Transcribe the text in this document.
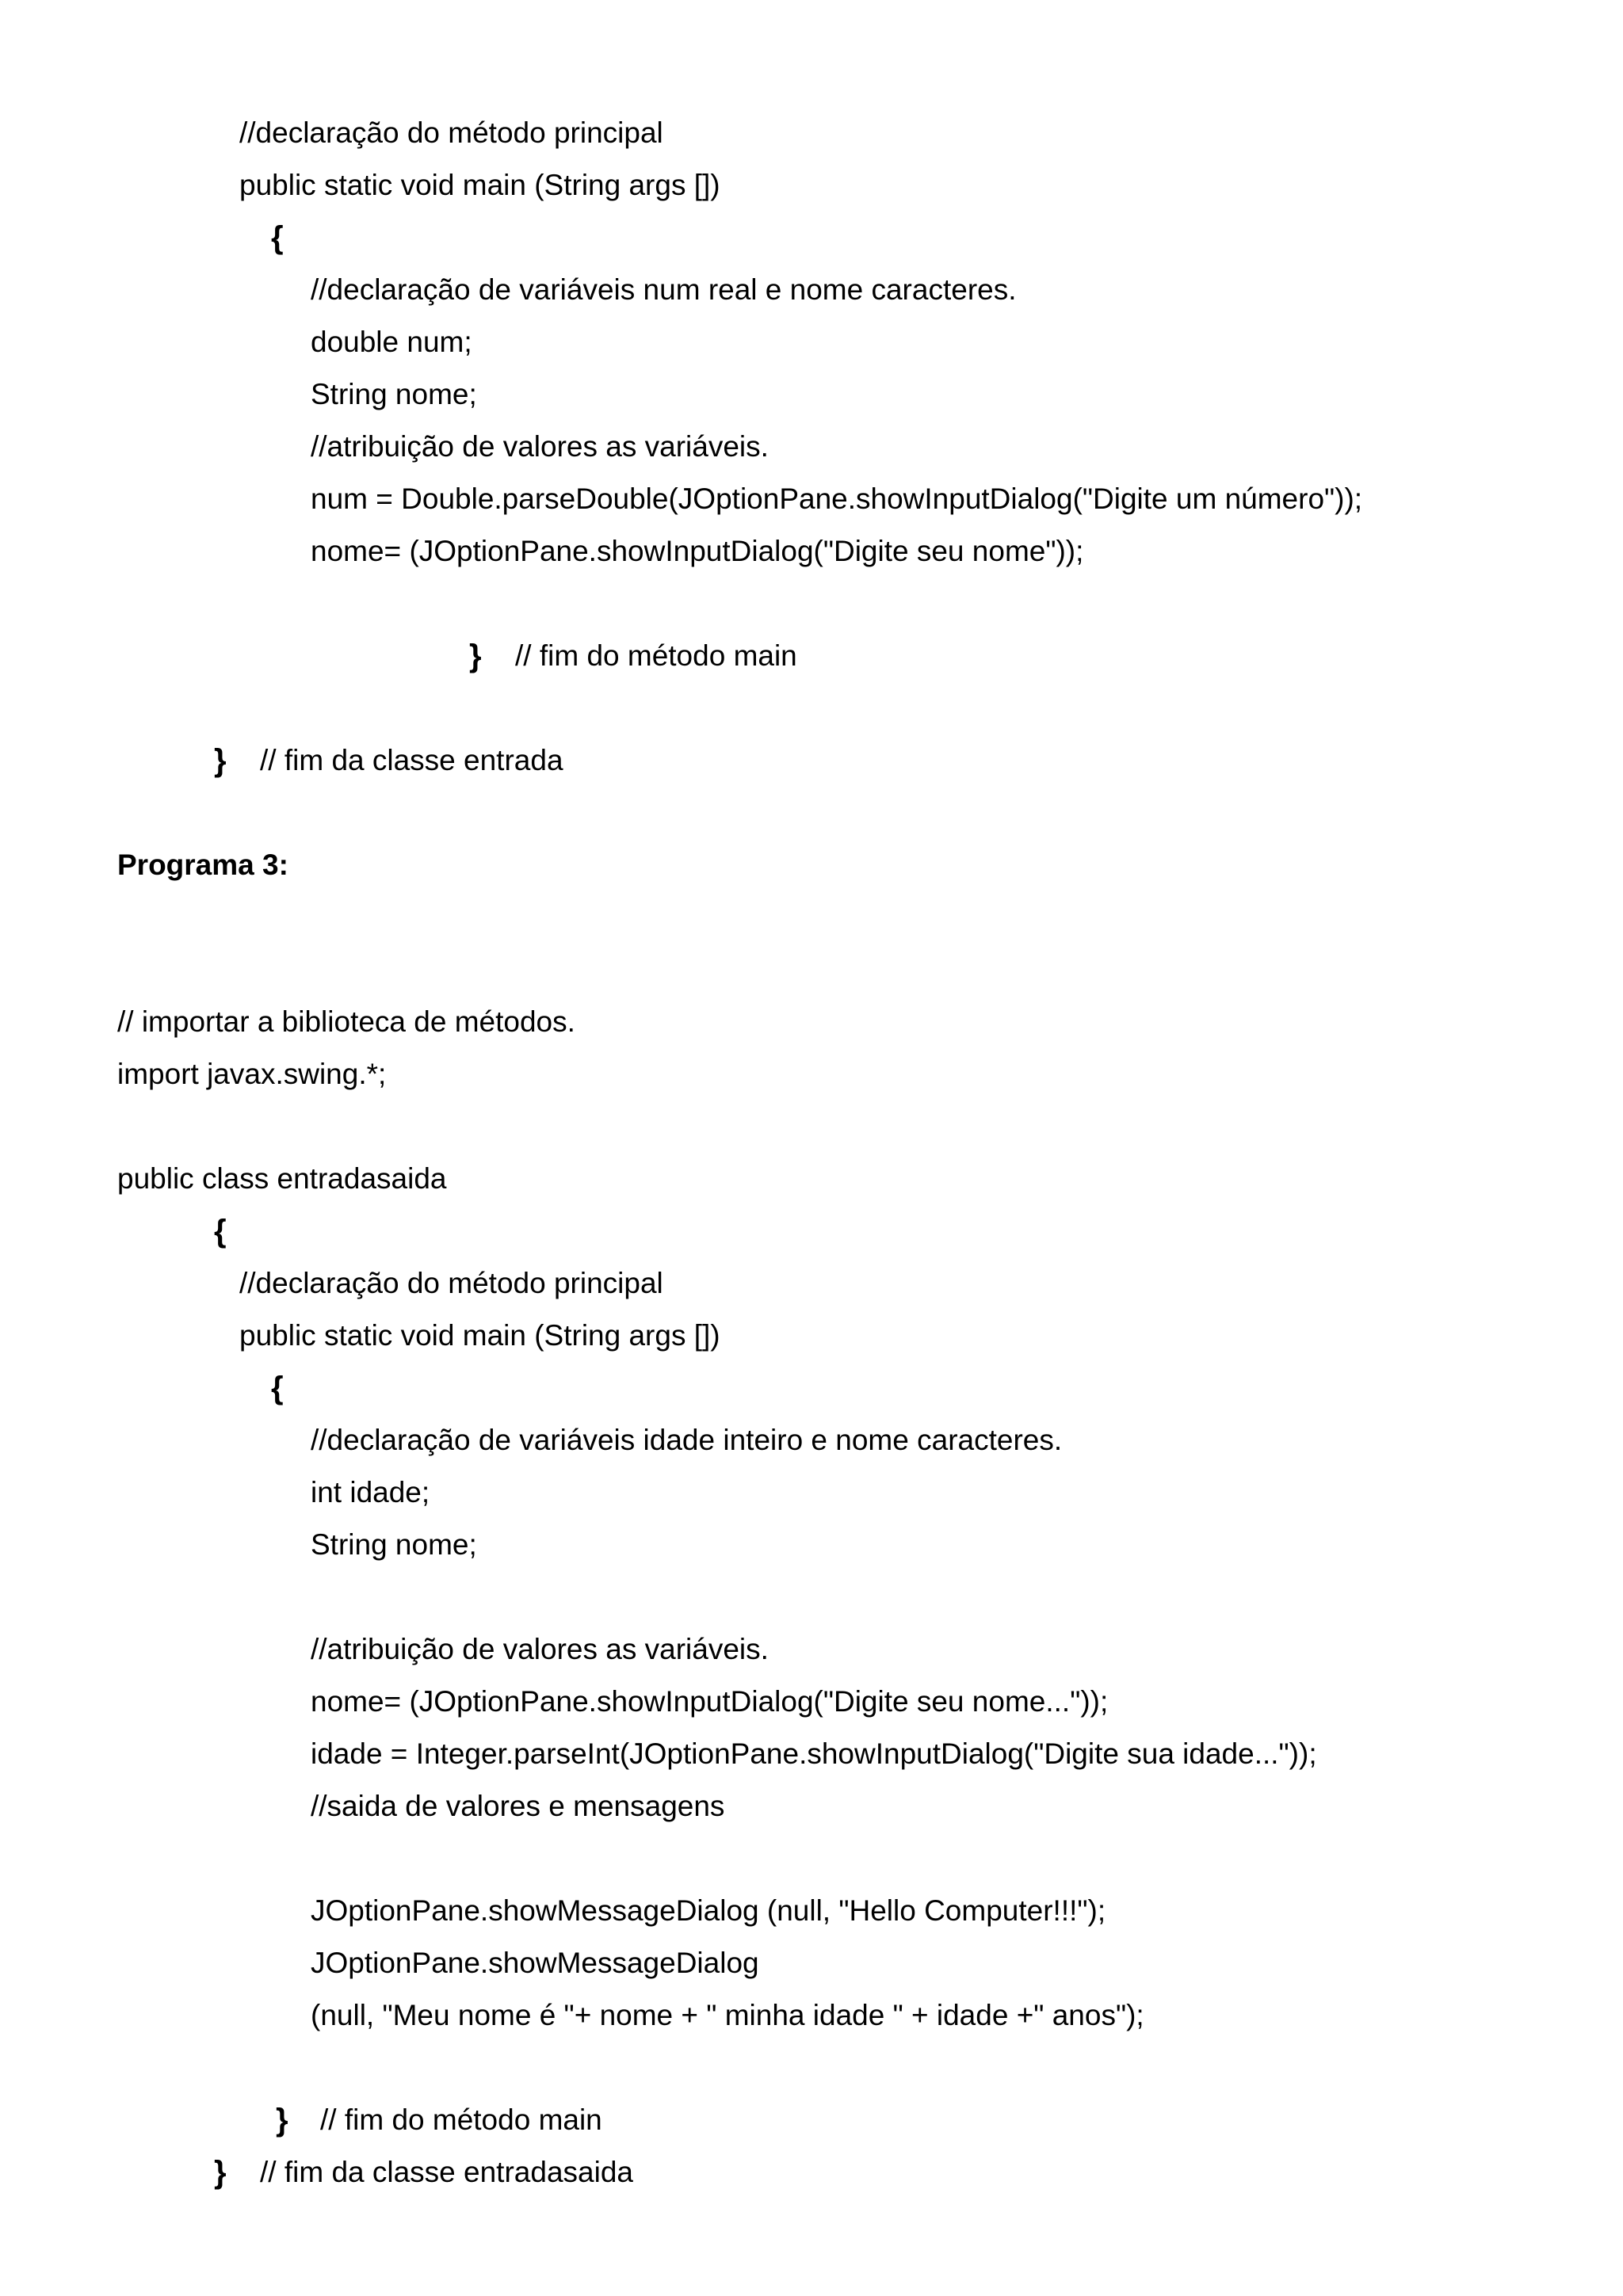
//declaração do método principal
public static void main (String args [])
{
//declaração de variáveis num real e nome caracteres.
double num;
String nome;
//atribuição de valores as variáveis.
num = Double.parseDouble(JOptionPane.showInputDialog("Digite um número"));
nome= (JOptionPane.showInputDialog("Digite seu nome"));
} // fim do método main
} // fim da classe entrada
Programa 3:
// importar a biblioteca de métodos.
import javax.swing.*;
public class entradasaida
{
//declaração do método principal
public static void main (String args [])
{
//declaração de variáveis idade inteiro e nome caracteres.
int idade;
String nome;
//atribuição de valores as variáveis.
nome= (JOptionPane.showInputDialog("Digite seu nome..."));
idade = Integer.parseInt(JOptionPane.showInputDialog("Digite sua idade..."));
//saida de valores e mensagens
JOptionPane.showMessageDialog (null, "Hello Computer!!!");
JOptionPane.showMessageDialog
(null, "Meu nome é "+ nome + " minha idade " + idade +" anos");
} // fim do método main
} // fim da classe entradasaida
